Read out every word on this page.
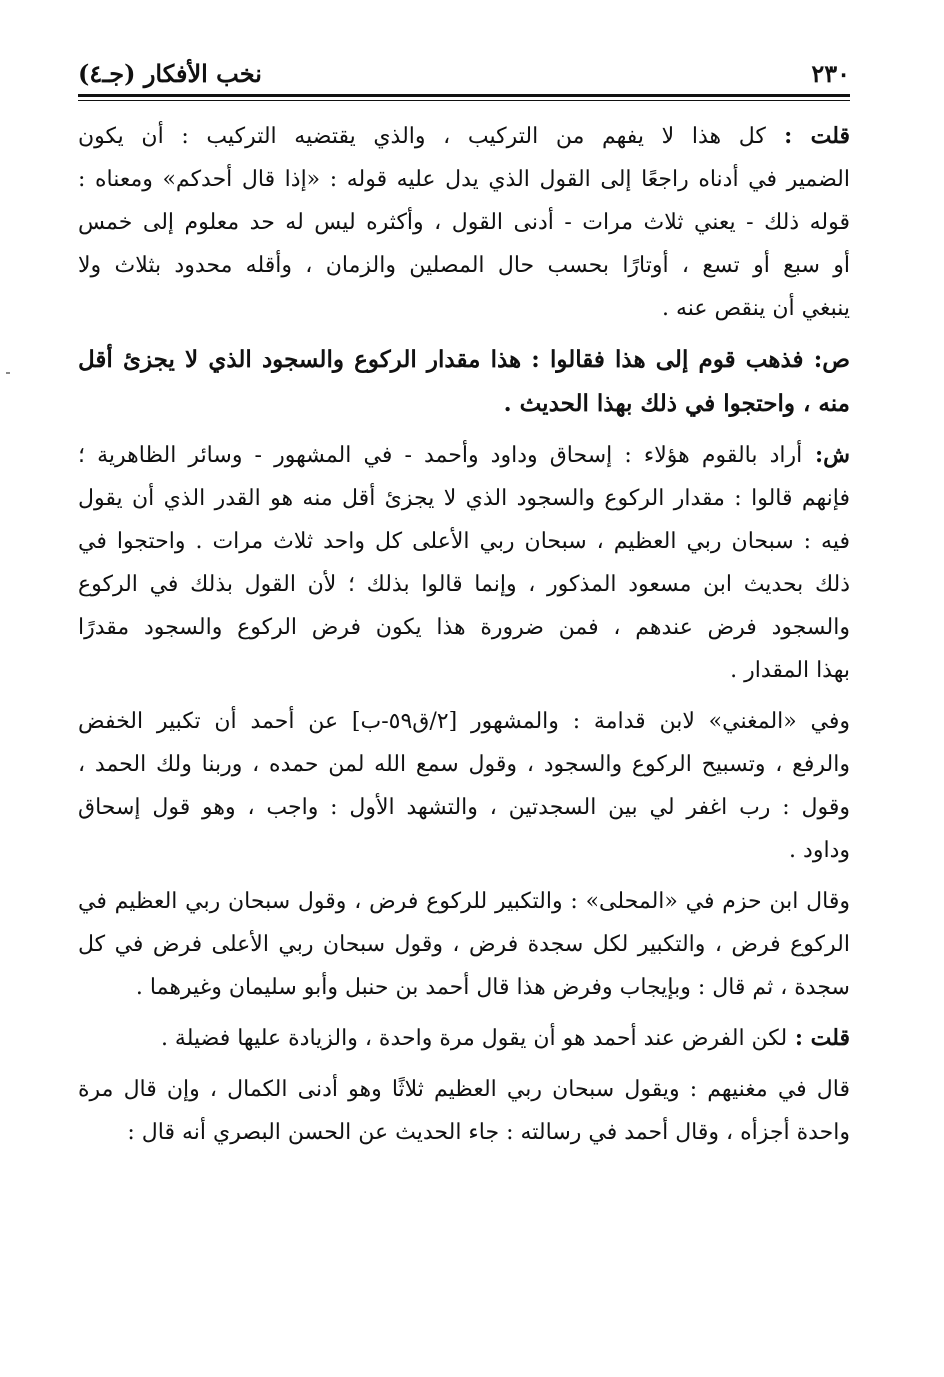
٢٣٠
نخب الأفكار (جـ٤)
قلت : كل هذا لا يفهم من التركيب ، والذي يقتضيه التركيب : أن يكون
الضمير في أدناه راجعًا إلى القول الذي يدل عليه قوله : «إذا قال أحدكم» ومعناه :
قوله ذلك - يعني ثلاث مرات - أدنى القول ، وأكثره ليس له حد معلوم إلى خمس
أو سبع أو تسع ، أوتارًا بحسب حال المصلين والزمان ، وأقله محدود بثلاث ولا
ينبغي أن ينقص عنه .
ص: فذهب قوم إلى هذا فقالوا : هذا مقدار الركوع والسجود الذي لا يجزئ أقل
منه ، واحتجوا في ذلك بهذا الحديث .
ش: أراد بالقوم هؤلاء : إسحاق وداود وأحمد - في المشهور - وسائر الظاهرية ؛
فإنهم قالوا : مقدار الركوع والسجود الذي لا يجزئ أقل منه هو القدر الذي أن يقول
فيه : سبحان ربي العظيم ، سبحان ربي الأعلى كل واحد ثلاث مرات . واحتجوا في
ذلك بحديث ابن مسعود المذكور ، وإنما قالوا بذلك ؛ لأن القول بذلك في الركوع
والسجود فرض عندهم ، فمن ضرورة هذا يكون فرض الركوع والسجود مقدرًا
بهذا المقدار .
وفي «المغني» لابن قدامة : والمشهور [٢/ق٥٩-ب] عن أحمد أن تكبير الخفض
والرفع ، وتسبيح الركوع والسجود ، وقول سمع الله لمن حمده ، وربنا ولك الحمد ،
وقول : رب اغفر لي بين السجدتين ، والتشهد الأول : واجب ، وهو قول إسحاق
وداود .
وقال ابن حزم في «المحلى» : والتكبير للركوع فرض ، وقول سبحان ربي العظيم في
الركوع فرض ، والتكبير لكل سجدة فرض ، وقول سبحان ربي الأعلى فرض في كل
سجدة ، ثم قال : وبإيجاب وفرض هذا قال أحمد بن حنبل وأبو سليمان وغيرهما .
قلت : لكن الفرض عند أحمد هو أن يقول مرة واحدة ، والزيادة عليها فضيلة .
قال في مغنيهم : ويقول سبحان ربي العظيم ثلاثًا وهو أدنى الكمال ، وإن قال مرة
واحدة أجزأه ، وقال أحمد في رسالته : جاء الحديث عن الحسن البصري أنه قال :
